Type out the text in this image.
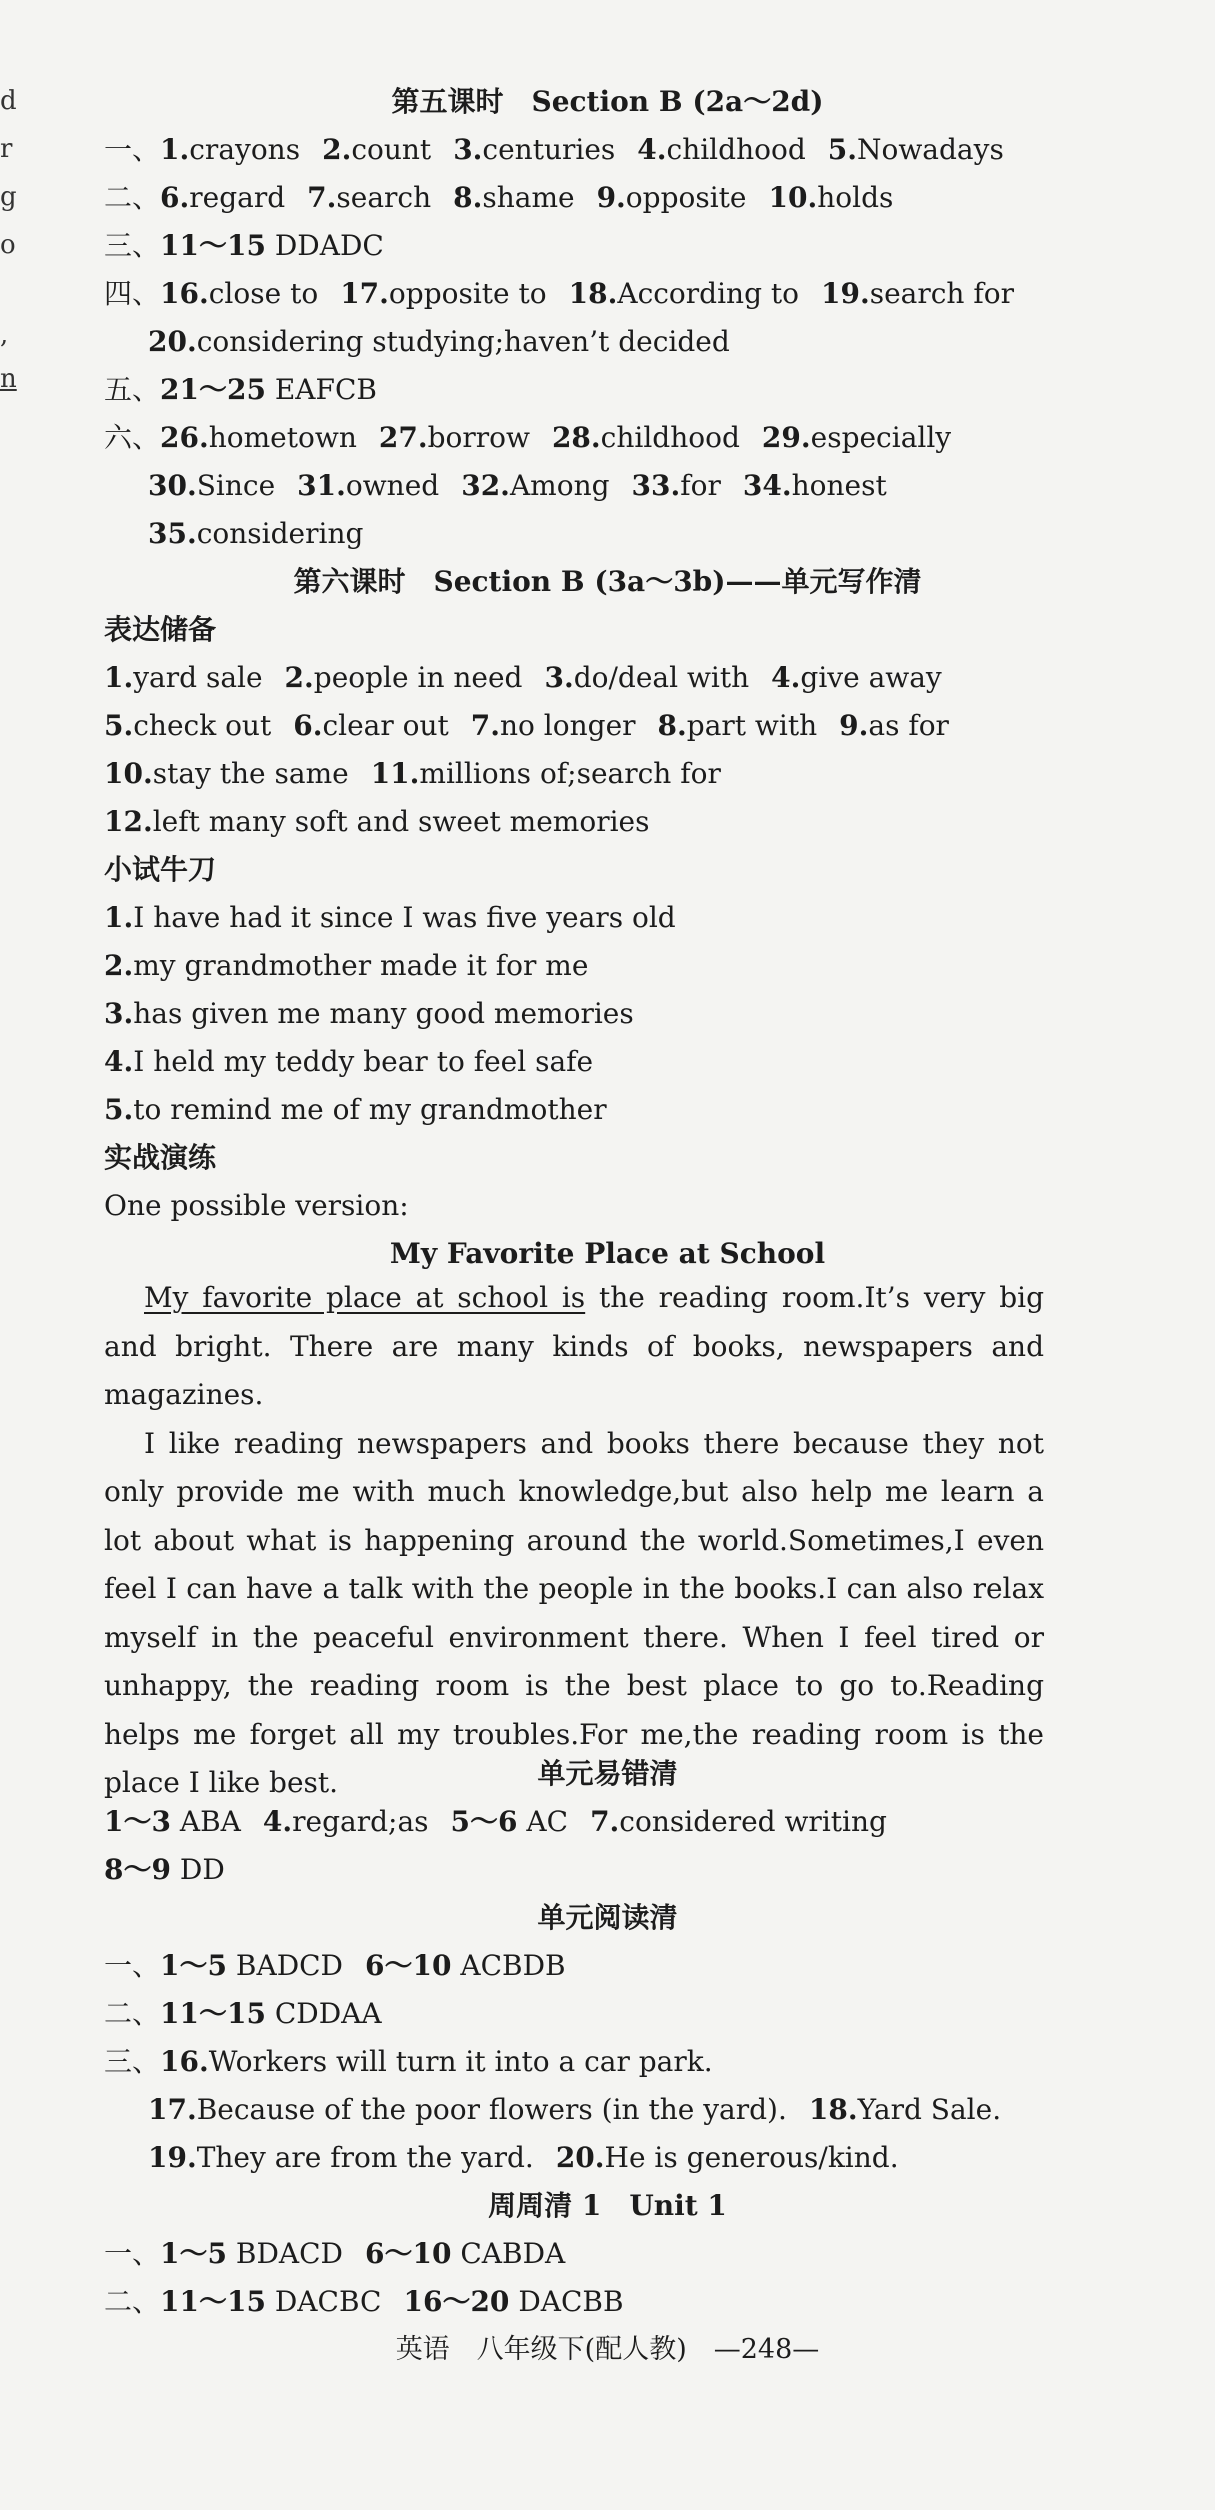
d
r
g
o
,
n
第五课时　Section B (2a～2d)
一、1.crayons 2.count 3.centuries 4.childhood 5.Nowadays
二、6.regard 7.search 8.shame 9.opposite 10.holds
三、11～15 DDADC
四、16.close to 17.opposite to 18.According to 19.search for
20.considering studying;haven’t decided
五、21～25 EAFCB
六、26.hometown 27.borrow 28.childhood 29.especially
30.Since 31.owned 32.Among 33.for 34.honest
35.considering
第六课时　Section B (3a～3b)——单元写作清
表达储备
1.yard sale 2.people in need 3.do/deal with 4.give away
5.check out 6.clear out 7.no longer 8.part with 9.as for
10.stay the same 11.millions of;search for
12.left many soft and sweet memories
小试牛刀
1.I have had it since I was five years old
2.my grandmother made it for me
3.has given me many good memories
4.I held my teddy bear to feel safe
5.to remind me of my grandmother
实战演练
One possible version:
My Favorite Place at School

My favorite place at school is the reading room.It’s very big and bright. There are many kinds of books, newspapers and magazines.

I like reading newspapers and books there because they not only provide me with much knowledge,but also help me learn a lot about what is happening around the world.Sometimes,I even feel I can have a talk with the people in the books.I can also relax myself in the peaceful environment there. When I feel tired or unhappy, the reading room is the best place to go to.Reading helps me forget all my troubles.For me,the reading room is the place I like best.	单元易错清
1～3 ABA 4.regard;as 5～6 AC 7.considered writing
8～9 DD
单元阅读清
一、1～5 BADCD 6～10 ACBDB
二、11～15 CDDAA
三、16.Workers will turn it into a car park.
17.Because of the poor flowers (in the yard). 18.Yard Sale.
19.They are from the yard. 20.He is generous/kind.
周周清 1　Unit 1
一、1～5 BDACD 6～10 CABDA
二、11～15 DACBC 16～20 DACBB
英语　八年级下(配人教)　—248—
